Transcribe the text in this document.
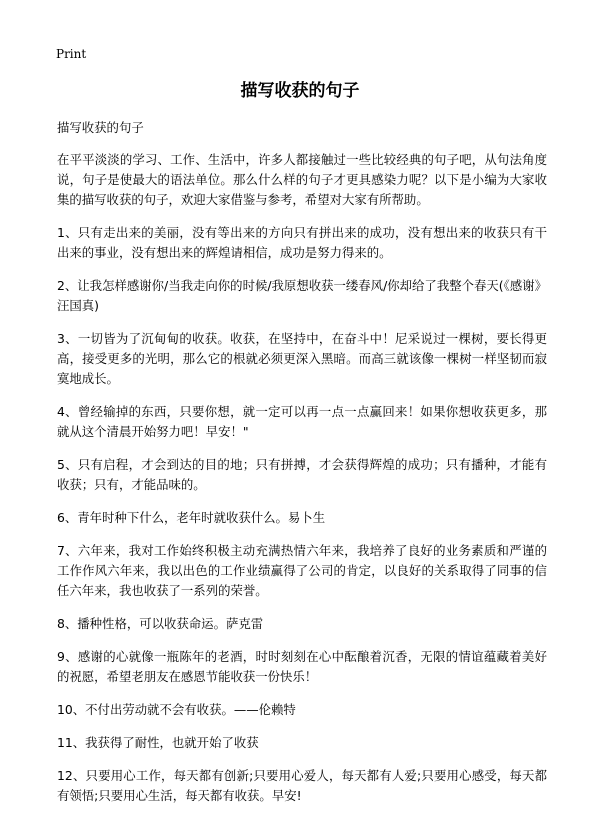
Print
描写收获的句子

描写收获的句子

在平平淡淡的学习、工作、生活中，许多人都接触过一些比较经典的句子吧，从句法角度说，句子是使最大的语法单位。那么什么样的句子才更具感染力呢？以下是小编为大家收集的描写收获的句子，欢迎大家借鉴与参考，希望对大家有所帮助。

1、只有走出来的美丽，没有等出来的方向只有拼出来的成功，没有想出来的收获只有干出来的事业，没有想出来的辉煌请相信，成功是努力得来的。

2、让我怎样感谢你/当我走向你的时候/我原想收获一缕春风/你却给了我整个春天(《感谢》汪国真)

3、一切皆为了沉甸甸的收获。收获，在坚持中，在奋斗中！尼采说过一棵树，要长得更高，接受更多的光明，那么它的根就必须更深入黑暗。而高三就该像一棵树一样坚韧而寂寞地成长。

4、曾经输掉的东西，只要你想，就一定可以再一点一点赢回来！如果你想收获更多，那就从这个清晨开始努力吧！早安！"

5、只有启程，才会到达的目的地；只有拼搏，才会获得辉煌的成功；只有播种，才能有收获；只有，才能品味的。

6、青年时种下什么，老年时就收获什么。易卜生

7、六年来，我对工作始终积极主动充满热情六年来，我培养了良好的业务素质和严谨的工作作风六年来，我以出色的工作业绩赢得了公司的肯定，以良好的关系取得了同事的信任六年来，我也收获了一系列的荣誉。

8、播种性格，可以收获命运。萨克雷

9、感谢的心就像一瓶陈年的老酒，时时刻刻在心中酝酿着沉香，无限的情谊蕴藏着美好的祝愿，希望老朋友在感恩节能收获一份快乐！

10、不付出劳动就不会有收获。——伦赖特

11、我获得了耐性，也就开始了收获

12、只要用心工作，每天都有创新;只要用心爱人，每天都有人爱;只要用心感受，每天都有领悟;只要用心生活，每天都有收获。早安!
